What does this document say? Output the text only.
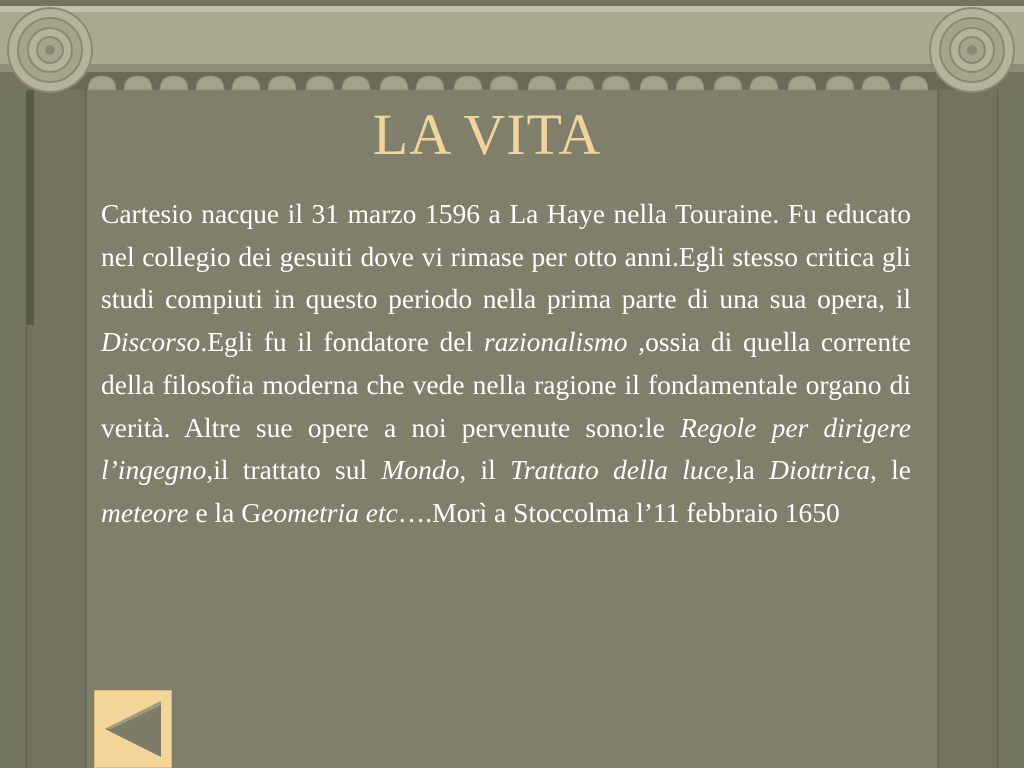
LA VITA
Cartesio nacque il 31 marzo 1596 a La Haye nella Touraine. Fu educato nel collegio dei gesuiti dove vi rimase per otto anni.Egli stesso critica gli studi compiuti in questo periodo nella prima parte di una sua opera, il Discorso.Egli fu il fondatore del razionalismo ,ossia di quella corrente della filosofia moderna che vede nella ragione il fondamentale organo di verità. Altre sue opere a noi pervenute sono:le Regole per dirigere l’ingegno,il trattato sul Mondo, il Trattato della luce,la Diottrica, le meteore e la Geometria etc….Morì a Stoccolma l’11 febbraio 1650
